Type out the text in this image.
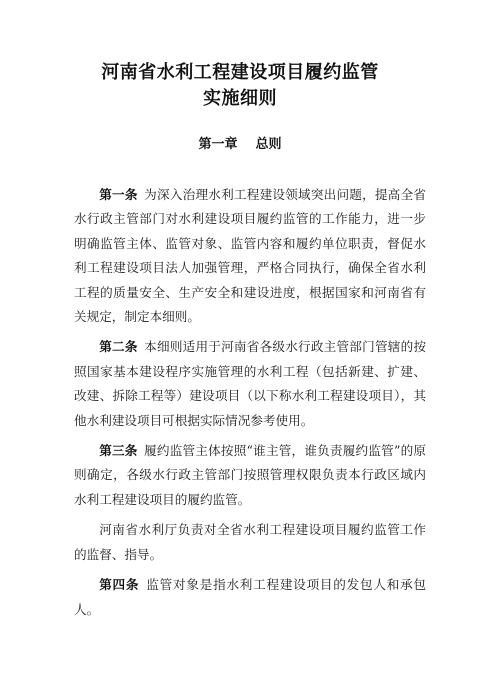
河南省水利工程建设项目履约监管
实施细则
第一章    总则

第一条  为深入治理水利工程建设领域突出问题，提高全省水行政主管部门对水利建设项目履约监管的工作能力，进一步明确监管主体、监管对象、监管内容和履约单位职责，督促水利工程建设项目法人加强管理，严格合同执行，确保全省水利工程的质量安全、生产安全和建设进度，根据国家和河南省有关规定，制定本细则。

第二条  本细则适用于河南省各级水行政主管部门管辖的按照国家基本建设程序实施管理的水利工程（包括新建、扩建、改建、拆除工程等）建设项目（以下称水利工程建设项目），其他水利建设项目可根据实际情况参考使用。

第三条  履约监管主体按照“谁主管，谁负责履约监管”的原则确定，各级水行政主管部门按照管理权限负责本行政区域内水利工程建设项目的履约监管。

河南省水利厅负责对全省水利工程建设项目履约监管工作的监督、指导。

第四条  监管对象是指水利工程建设项目的发包人和承包人。
